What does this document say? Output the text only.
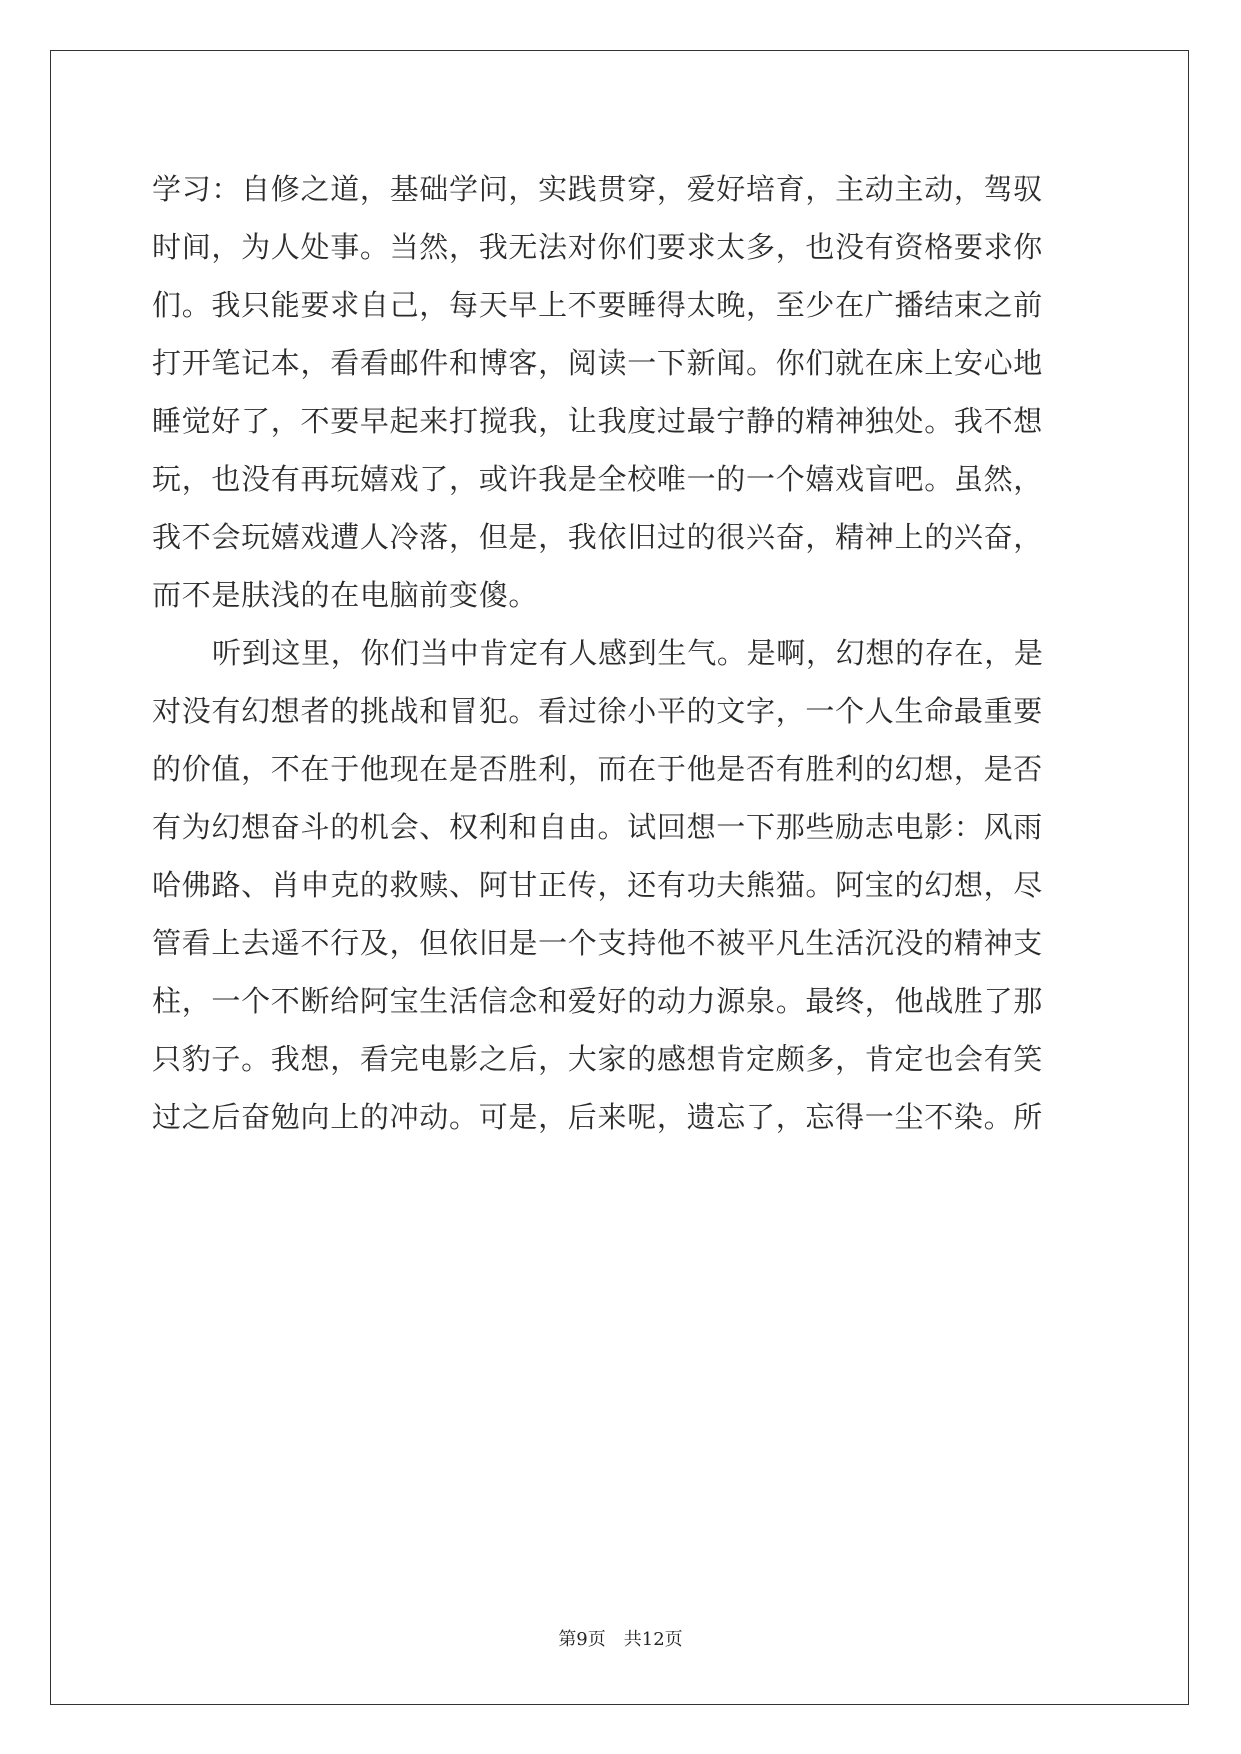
学习：自修之道，基础学问，实践贯穿，爱好培育，主动主动，驾驭
时间，为人处事。当然，我无法对你们要求太多，也没有资格要求你
们。我只能要求自己，每天早上不要睡得太晚，至少在广播结束之前
打开笔记本，看看邮件和博客，阅读一下新闻。你们就在床上安心地
睡觉好了，不要早起来打搅我，让我度过最宁静的精神独处。我不想
玩，也没有再玩嬉戏了，或许我是全校唯一的一个嬉戏盲吧。虽然，
我不会玩嬉戏遭人冷落，但是，我依旧过的很兴奋，精神上的兴奋，
而不是肤浅的在电脑前变傻。
听到这里，你们当中肯定有人感到生气。是啊，幻想的存在，是
对没有幻想者的挑战和冒犯。看过徐小平的文字，一个人生命最重要
的价值，不在于他现在是否胜利，而在于他是否有胜利的幻想，是否
有为幻想奋斗的机会、权利和自由。试回想一下那些励志电影：风雨
哈佛路、肖申克的救赎、阿甘正传，还有功夫熊猫。阿宝的幻想，尽
管看上去遥不行及，但依旧是一个支持他不被平凡生活沉没的精神支
柱，一个不断给阿宝生活信念和爱好的动力源泉。最终，他战胜了那
只豹子。我想，看完电影之后，大家的感想肯定颇多，肯定也会有笑
过之后奋勉向上的冲动。可是，后来呢，遗忘了，忘得一尘不染。所
第9页 共12页
